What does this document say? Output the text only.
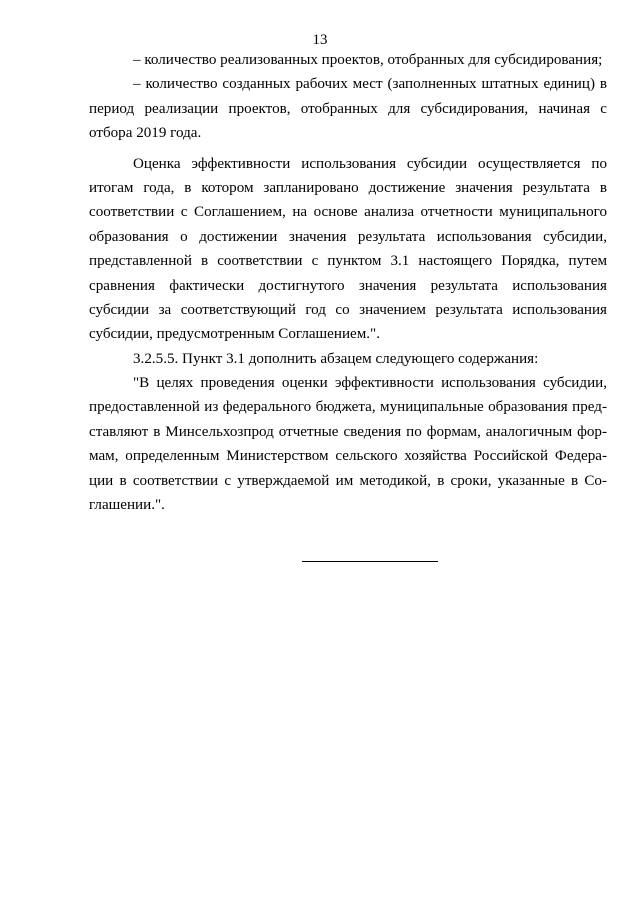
13
– количество реализованных проектов, отобранных для субсидирования;
– количество созданных рабочих мест (заполненных штатных единиц) в
период реализации проектов, отобранных для субсидирования, начиная с
отбора 2019 года.
Оценка эффективности использования субсидии осуществляется по
итогам года, в котором запланировано достижение значения результата в
соответствии с Соглашением, на основе анализа отчетности муниципального
образования о достижении значения результата использования субсидии,
представленной в соответствии с пунктом 3.1 настоящего Порядка, путем
сравнения фактически достигнутого значения результата использования
субсидии за соответствующий год со значением результата использования
субсидии, предусмотренным Соглашением.".
3.2.5.5. Пункт 3.1 дополнить абзацем следующего содержания:
"В целях проведения оценки эффективности использования субсидии,
предоставленной из федерального бюджета, муниципальные образования пред-
ставляют в Минсельхозпрод отчетные сведения по формам, аналогичным фор-
мам, определенным Министерством сельского хозяйства Российской Федера-
ции в соответствии с утверждаемой им методикой, в сроки, указанные в Со-
глашении.".
